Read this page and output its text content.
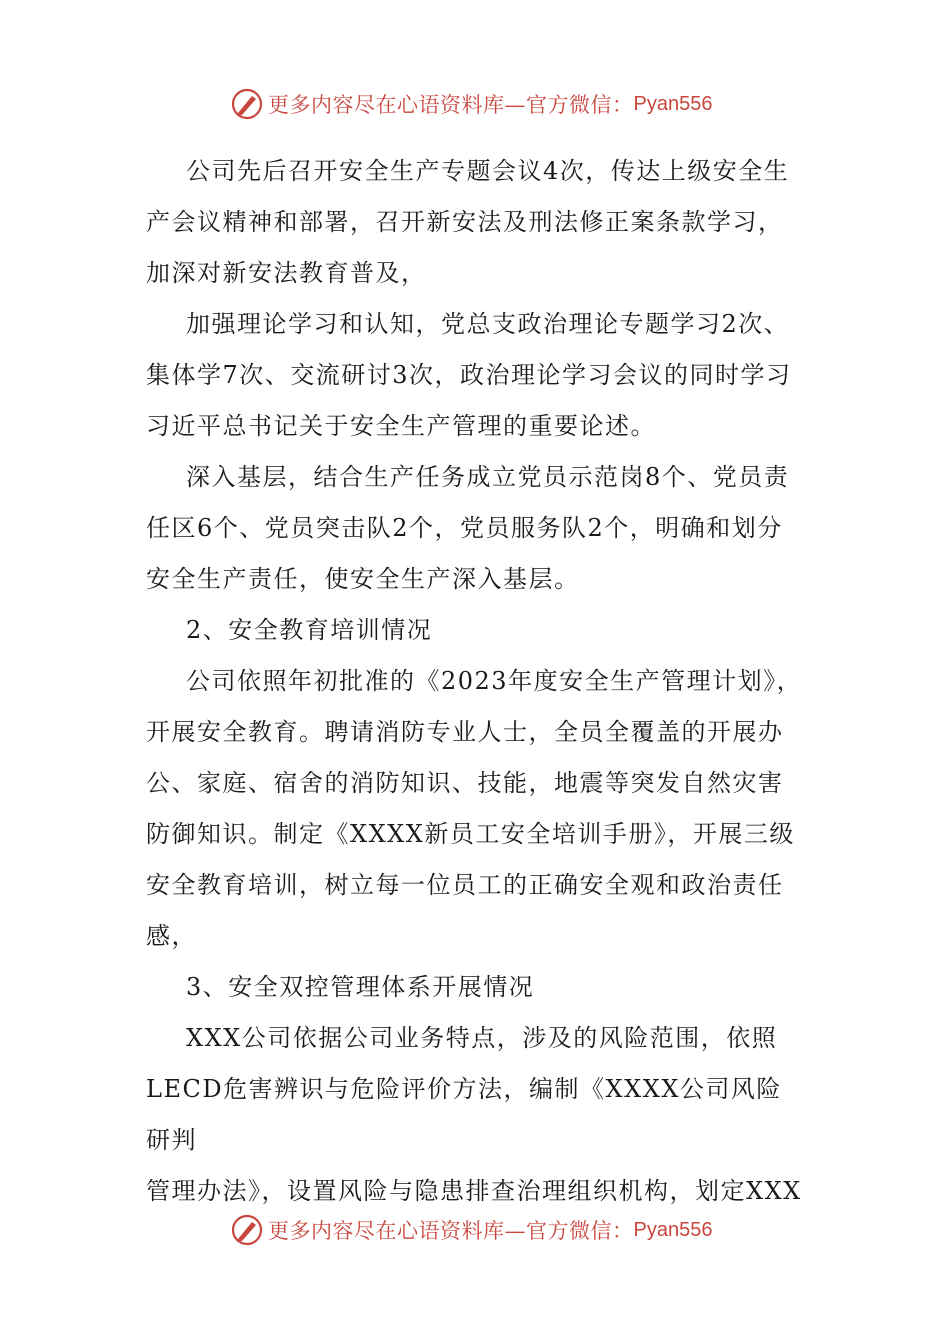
更多内容尽在心语资料库—官方微信： Pyan556

公司先后召开安全生产专题会议4次，传达上级安全生
产会议精神和部署，召开新安法及刑法修正案条款学习，
加深对新安法教育普及，

加强理论学习和认知，党总支政治理论专题学习2次、
集体学7次、交流研讨3次，政治理论学习会议的同时学习
习近平总书记关于安全生产管理的重要论述。

深入基层，结合生产任务成立党员示范岗8个、党员责
任区6个、党员突击队2个，党员服务队2个，明确和划分
安全生产责任，使安全生产深入基层。

2、安全教育培训情况

公司依照年初批准的《2023年度安全生产管理计划》，
开展安全教育。聘请消防专业人士，全员全覆盖的开展办
公、家庭、宿舍的消防知识、技能，地震等突发自然灾害
防御知识。制定《XXXX新员工安全培训手册》，开展三级
安全教育培训，树立每一位员工的正确安全观和政治责任
感，

3、安全双控管理体系开展情况

XXX公司依据公司业务特点，涉及的风险范围，依照
LECD危害辨识与危险评价方法，编制《XXXX公司风险研判
管理办法》，设置风险与隐患排查治理组织机构，划定XXX

更多内容尽在心语资料库—官方微信： Pyan556
